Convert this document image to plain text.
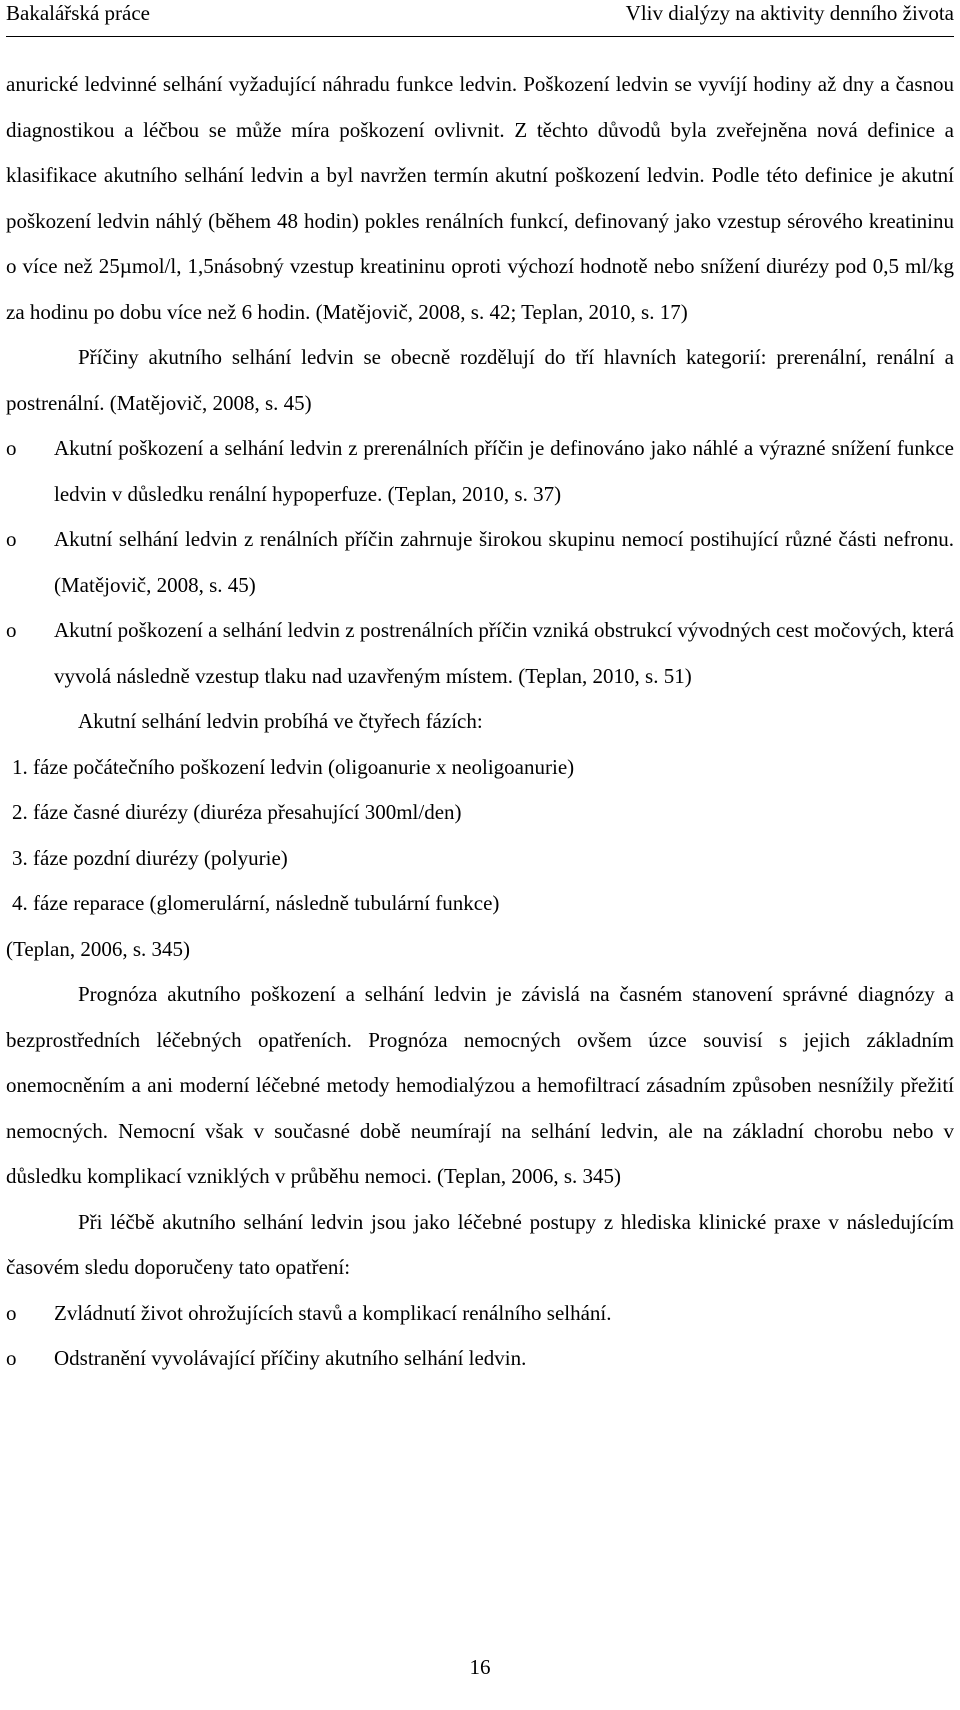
Bakalářská práce	Vliv dialýzy na aktivity denního života

anurické ledvinné selhání vyžadující náhradu funkce ledvin. Poškození ledvin se vyvíjí hodiny až dny a časnou diagnostikou a léčbou se může míra poškození ovlivnit. Z těchto důvodů byla zveřejněna nová definice a klasifikace akutního selhání ledvin a byl navržen termín akutní poškození ledvin. Podle této definice je akutní poškození ledvin náhlý (během 48 hodin) pokles renálních funkcí, definovaný jako vzestup sérového kreatininu o více než 25µmol/l, 1,5násobný vzestup kreatininu oproti výchozí hodnotě nebo snížení diurézy pod 0,5 ml/kg za hodinu po dobu více než 6 hodin. (Matějovič, 2008, s. 42; Teplan, 2010, s. 17)

Příčiny akutního selhání ledvin se obecně rozdělují do tří hlavních kategorií: prerenální, renální a postrenální. (Matějovič, 2008, s. 45)

o Akutní poškození a selhání ledvin z prerenálních příčin je definováno jako náhlé a výrazné snížení funkce ledvin v důsledku renální hypoperfuze. (Teplan, 2010, s. 37)
o Akutní selhání ledvin z renálních příčin zahrnuje širokou skupinu nemocí postihující různé části nefronu. (Matějovič, 2008, s. 45)
o Akutní poškození a selhání ledvin z postrenálních příčin vzniká obstrukcí vývodných cest močových, která vyvolá následně vzestup tlaku nad uzavřeným místem. (Teplan, 2010, s. 51)

Akutní selhání ledvin probíhá ve čtyřech fázích:

1. fáze počátečního poškození ledvin (oligoanurie x neoligoanurie)
2. fáze časné diurézy (diuréza přesahující 300ml/den)
3. fáze pozdní diurézy (polyurie)
4. fáze reparace (glomerulární, následně tubulární funkce)

(Teplan, 2006, s. 345)

Prognóza akutního poškození a selhání ledvin je závislá na časném stanovení správné diagnózy a bezprostředních léčebných opatřeních. Prognóza nemocných ovšem úzce souvisí s jejich základním onemocněním a ani moderní léčebné metody hemodialýzou a hemofiltrací zásadním způsoben nesnížily přežití nemocných. Nemocní však v současné době neumírají na selhání ledvin, ale na základní chorobu nebo v důsledku komplikací vzniklých v průběhu nemoci. (Teplan, 2006, s. 345)

Při léčbě akutního selhání ledvin jsou jako léčebné postupy z hlediska klinické praxe v následujícím časovém sledu doporučeny tato opatření:

o Zvládnutí život ohrožujících stavů a komplikací renálního selhání.
o Odstranění vyvolávající příčiny akutního selhání ledvin.
16
